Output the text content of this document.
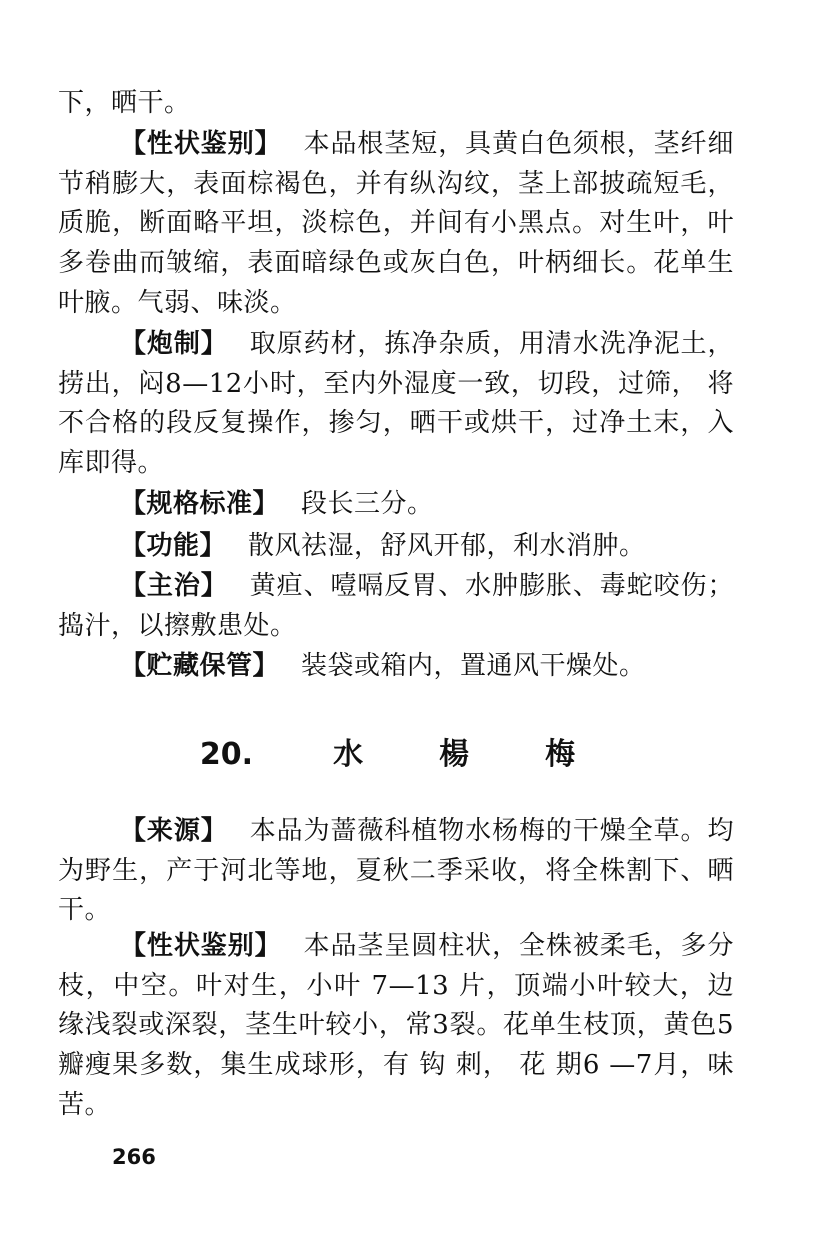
下，晒干。

【性状鉴别】 本品根茎短，具黄白色须根，茎纤细节稍膨大，表面棕褐色，并有纵沟纹，茎上部披疏短毛，质脆，断面略平坦，淡棕色，并间有小黑点。对生叶，叶多卷曲而皱缩，表面暗绿色或灰白色，叶柄细长。花单生叶腋。气弱、味淡。

【炮制】 取原药材，拣净杂质，用清水洗净泥土，捞出，闷8—12小时，至内外湿度一致，切段，过筛， 将不合格的段反复操作，掺匀，晒干或烘干，过净土末，入库即得。

【规格标准】 段长三分。

【功能】 散风祛湿，舒风开郁，利水消肿。

【主治】 黄疸、噎嗝反胃、水肿膨胀、毒蛇咬伤；捣汁，以擦敷患处。

【贮藏保管】 装袋或箱内，置通风干燥处。

20.	水	楊	梅

【来源】 本品为蔷薇科植物水杨梅的干燥全草。均为野生，产于河北等地，夏秋二季采收，将全株割下、晒干。

【性状鉴别】 本品茎呈圆柱状，全株被柔毛，多分枝，中空。叶对生，小叶 7—13 片，顶端小叶较大，边缘浅裂或深裂，茎生叶较小，常3裂。花单生枝顶，黄色5瓣瘦果多数，集生成球形，有 钩 刺， 花 期6 —7月，味苦。

266
